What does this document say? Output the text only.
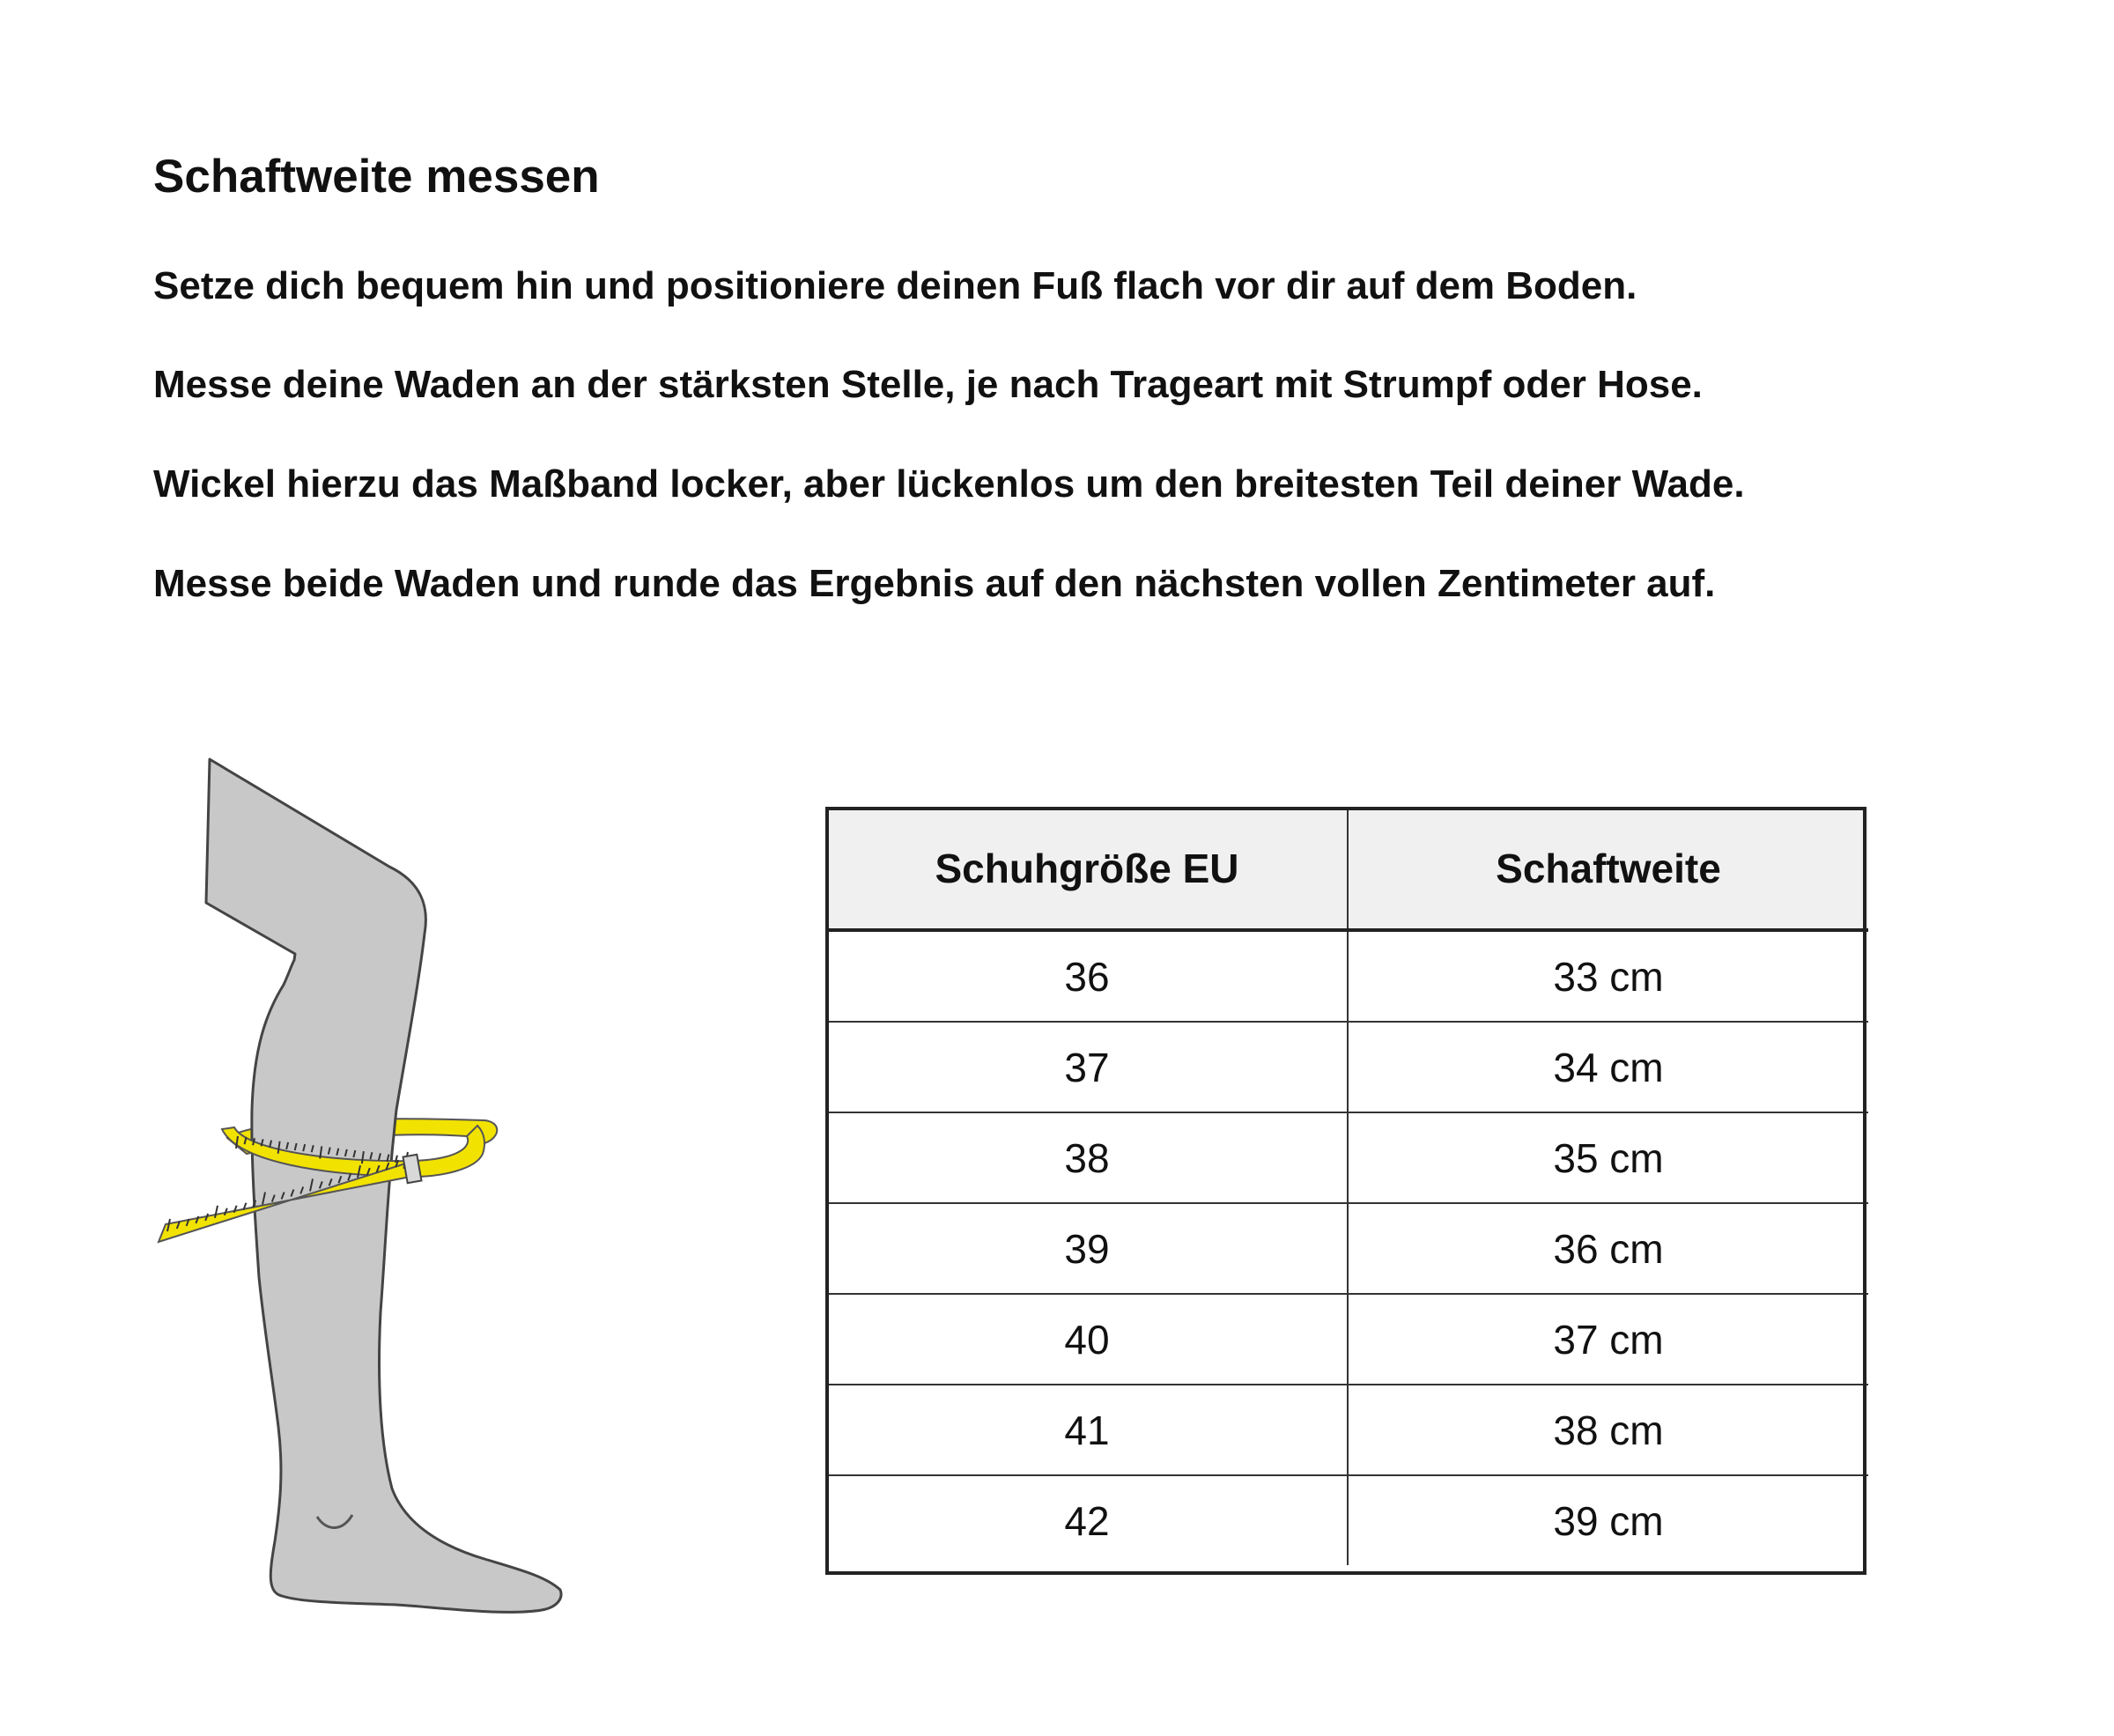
Schaftweite messen

Setze dich bequem hin und positioniere deinen Fuß flach vor dir auf dem Boden.

Messe deine Waden an der stärksten Stelle, je nach Trageart mit Strumpf oder Hose.

Wickel hierzu das Maßband locker, aber lückenlos um den breitesten Teil deiner Wade.

Messe beide Waden und runde das Ergebnis auf den nächsten vollen Zentimeter auf.

Schuhgröße EU	Schaftweite
36	33 cm
37	34 cm
38	35 cm
39	36 cm
40	37 cm
41	38 cm
42	39 cm
